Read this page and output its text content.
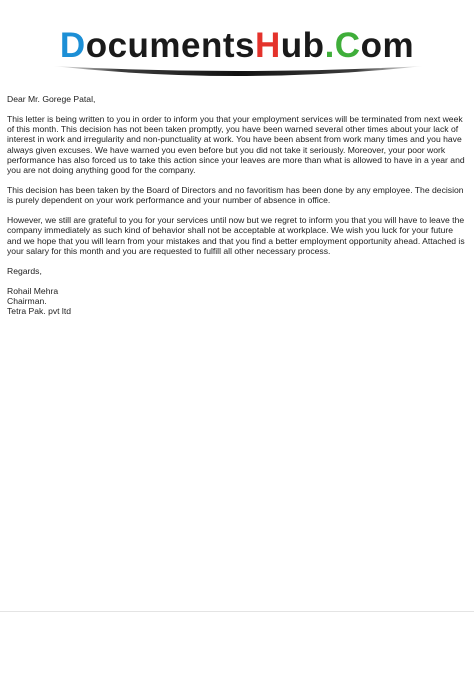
DocumentsHub.Com

Dear Mr. Gorege Patal,

This letter is being written to you in order to inform you that your employment services will be terminated from next week of this month. This decision has not been taken promptly, you have been warned several other times about your lack of interest in work and irregularity and non-punctuality at work. You have been absent from work many times and you have always given excuses. We have warned you even before but you did not take it seriously. Moreover, your poor work performance has also forced us to take this action since your leaves are more than what is allowed to have in a year and you are not doing anything good for the company.

This decision has been taken by the Board of Directors and no favoritism has been done by any employee. The decision is purely dependent on your work performance and your number of absence in office.

However, we still are grateful to you for your services until now but we regret to inform you that you will have to leave the company immediately as such kind of behavior shall not be acceptable at workplace. We wish you luck for your future and we hope that you will learn from your mistakes and that you find a better employment opportunity ahead. Attached is your salary for this month and you are requested to fulfill all other necessary process.

Regards,

Rohail Mehra

Chairman.

Tetra Pak. pvt ltd
